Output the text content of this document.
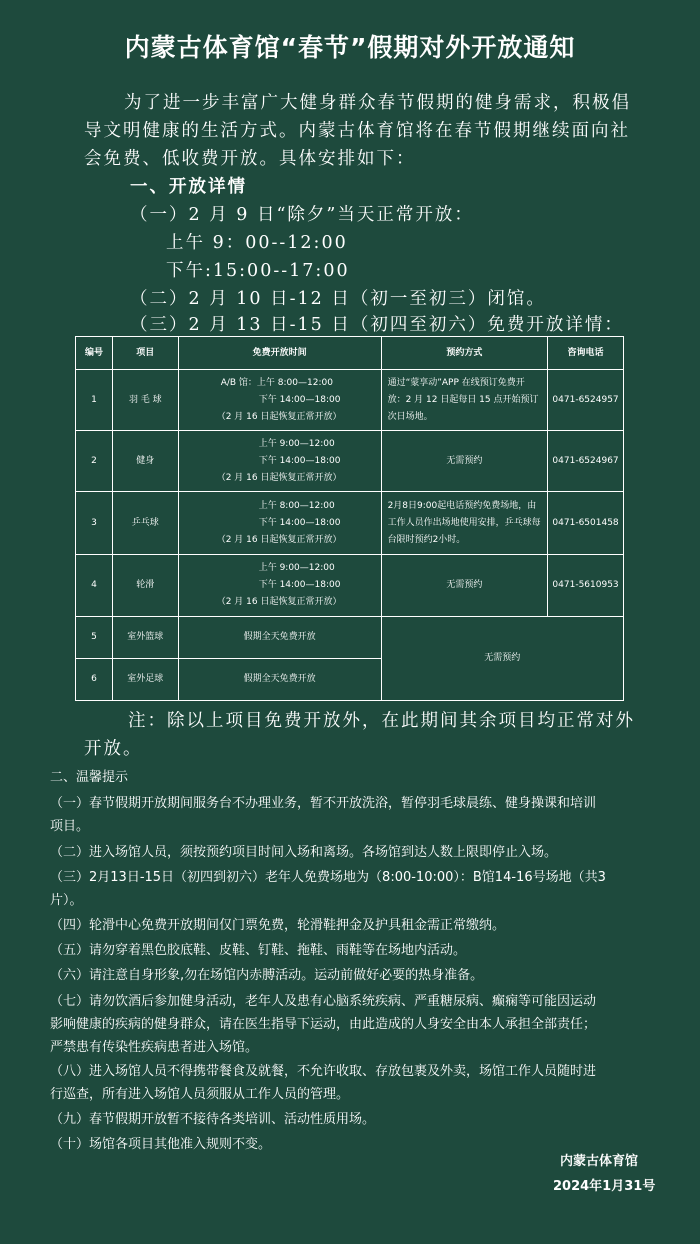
内蒙古体育馆“春节”假期对外开放通知
为了进一步丰富广大健身群众春节假期的健身需求，积极倡
导文明健康的生活方式。内蒙古体育馆将在春节假期继续面向社
会免费、低收费开放。具体安排如下：
一、开放详情
（一）2 月 9 日“除夕”当天正常开放：
上午 9：00--12:00
下午:15:00--17:00
（二）2 月 10 日-12 日（初一至初三）闭馆。
（三）2 月 13 日-15 日（初四至初六）免费开放详情：
编号	项目	免费开放时间	预约方式	咨询电话
1	羽 毛 球	A/B 馆：上午 8:00—12:00
下午 14:00—18:00
（2 月 16 日起恢复正常开放）	通过“蒙享动”APP 在线预订免费开放：2 月 12 日起每日 15 点开始预订次日场地。	0471-6524957
2	健身	上午 9:00—12:00
下午 14:00—18:00
（2 月 16 日起恢复正常开放）	无需预约	0471-6524967
3	乒乓球	上午 8:00—12:00
下午 14:00—18:00
（2 月 16 日起恢复正常开放）	2月8日9:00起电话预约免费场地，由工作人员作出场地使用安排，乒乓球每台限时预约2小时。	0471-6501458
4	轮滑	上午 9:00—12:00
下午 14:00—18:00
（2 月 16 日起恢复正常开放）	无需预约	0471-5610953
5	室外篮球	假期全天免费开放	无需预约	
6	室外足球	假期全天免费开放		
注：除以上项目免费开放外，在此期间其余项目均正常对外
开放。
二、温馨提示
（一）春节假期开放期间服务台不办理业务，暂不开放洗浴，暂停羽毛球晨练、健身操课和培训
项目。
（二）进入场馆人员，须按预约项目时间入场和离场。各场馆到达人数上限即停止入场。
（三）2月13日-15日（初四到初六）老年人免费场地为（8:00-10:00）：B馆14-16号场地（共3
片）。
（四）轮滑中心免费开放期间仅门票免费，轮滑鞋押金及护具租金需正常缴纳。
（五）请勿穿着黑色胶底鞋、皮鞋、钉鞋、拖鞋、雨鞋等在场地内活动。
（六）请注意自身形象,勿在场馆内赤膊活动。运动前做好必要的热身准备。
（七）请勿饮酒后参加健身活动，老年人及患有心脑系统疾病、严重糖尿病、癫痫等可能因运动
影响健康的疾病的健身群众，请在医生指导下运动，由此造成的人身安全由本人承担全部责任；
严禁患有传染性疾病患者进入场馆。
（八）进入场馆人员不得携带餐食及就餐，不允许收取、存放包裹及外卖，场馆工作人员随时进
行巡查，所有进入场馆人员须服从工作人员的管理。
（九）春节假期开放暂不接待各类培训、活动性质用场。
（十）场馆各项目其他准入规则不变。
内蒙古体育馆
2024年1月31号
